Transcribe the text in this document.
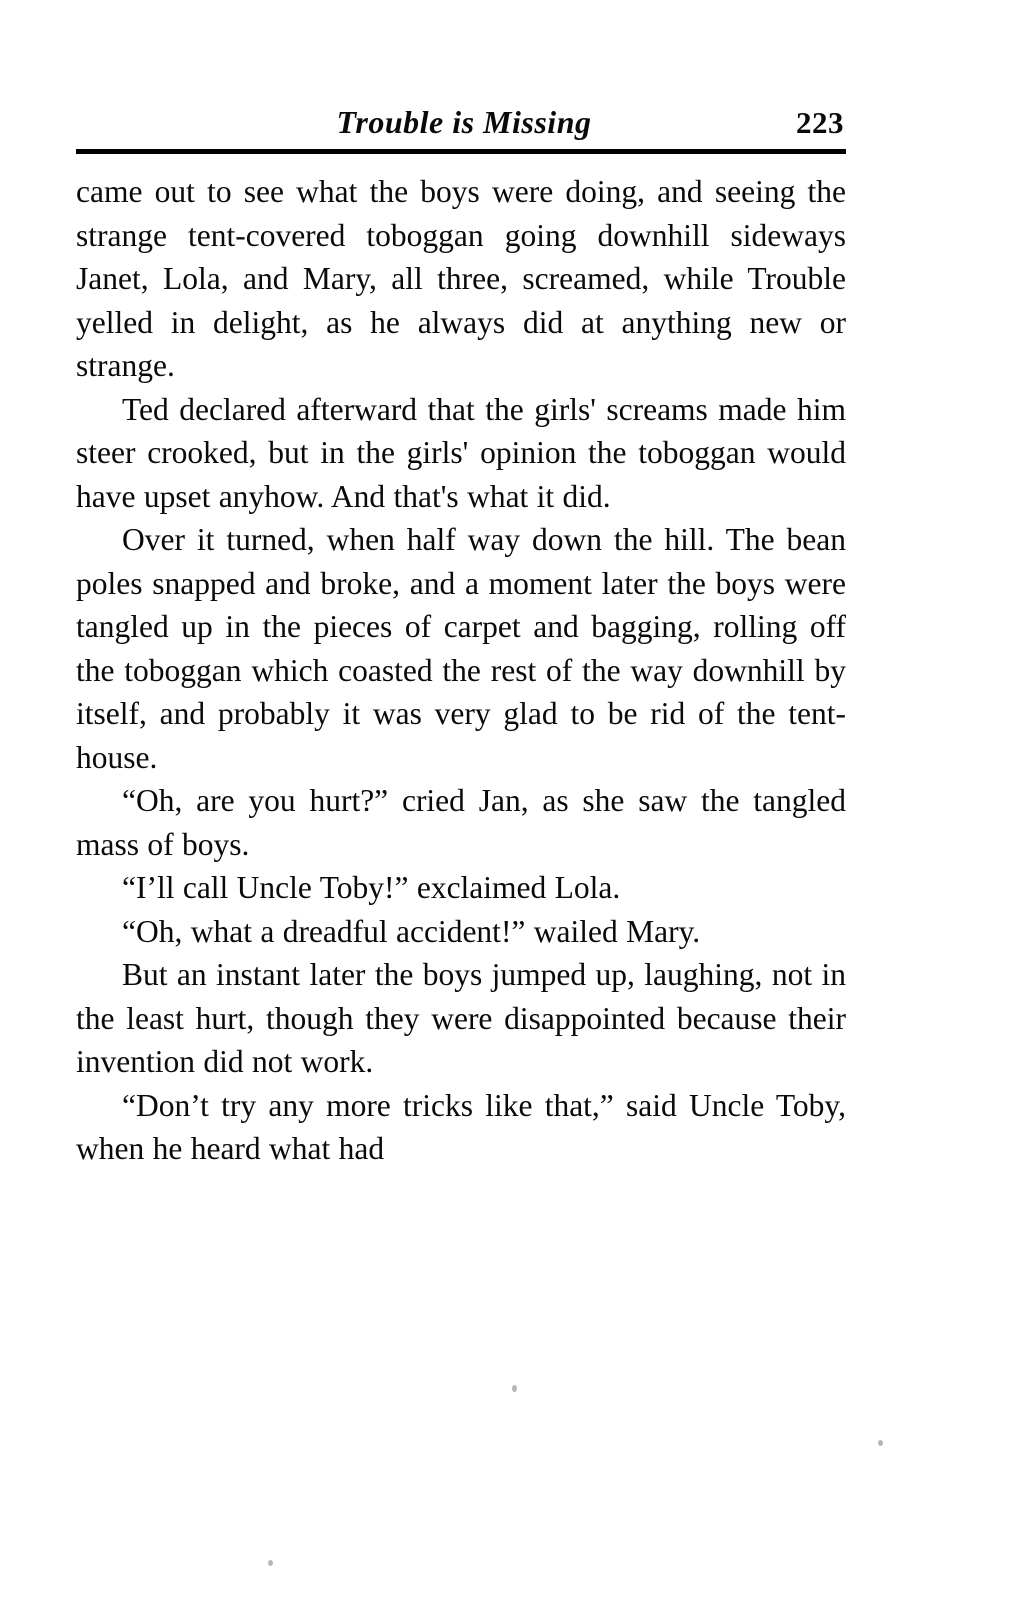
Trouble is Missing	223

came out to see what the boys were doing, and seeing the strange tent-covered toboggan going downhill sideways Janet, Lola, and Mary, all three, screamed, while Trouble yelled in delight, as he always did at anything new or strange.

Ted declared afterward that the girls' screams made him steer crooked, but in the girls' opinion the toboggan would have upset anyhow. And that's what it did.

Over it turned, when half way down the hill. The bean poles snapped and broke, and a moment later the boys were tangled up in the pieces of carpet and bagging, rolling off the toboggan which coasted the rest of the way downhill by itself, and probably it was very glad to be rid of the tent-house.

“Oh, are you hurt?” cried Jan, as she saw the tangled mass of boys.

“I’ll call Uncle Toby!” exclaimed Lola.

“Oh, what a dreadful accident!” wailed Mary.

But an instant later the boys jumped up, laughing, not in the least hurt, though they were disappointed because their invention did not work.

“Don’t try any more tricks like that,” said Uncle Toby, when he heard what had
